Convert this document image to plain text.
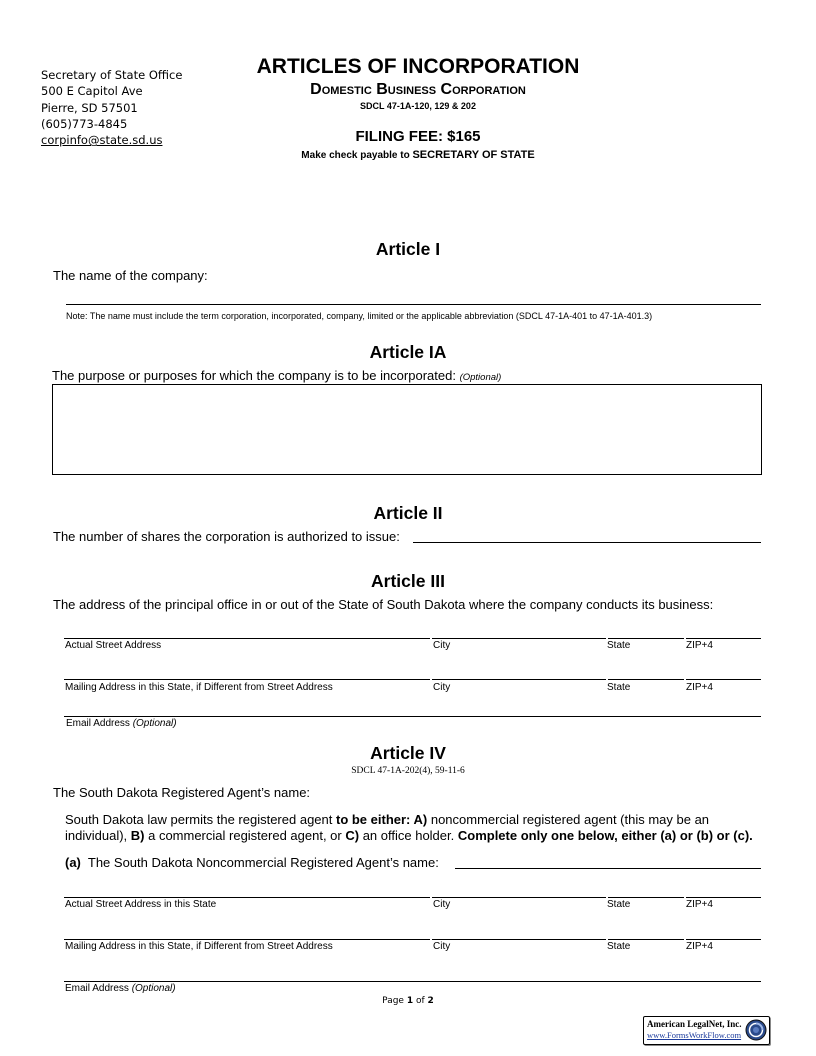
Secretary of State Office
500 E Capitol Ave
Pierre, SD 57501
(605)773-4845
corpinfo@state.sd.us
ARTICLES OF INCORPORATION
Domestic Business Corporation
SDCL 47-1A-120, 129 & 202
FILING FEE: $165
Make check payable to SECRETARY OF STATE
Article I
The name of the company:
Note: The name must include the term corporation, incorporated, company, limited or the applicable abbreviation (SDCL 47-1A-401 to 47-1A-401.3)
Article IA
The purpose or purposes for which the company is to be incorporated: (Optional)
Article II
The number of shares the corporation is authorized to issue:
Article III
The address of the principal office in or out of the State of South Dakota where the company conducts its business:
Actual Street Address	City	State	ZIP+4
Mailing Address in this State, if Different from Street Address	City	State	ZIP+4
Email Address (Optional)
Article IV
SDCL 47-1A-202(4), 59-11-6
The South Dakota Registered Agent’s name:
South Dakota law permits the registered agent to be either: A) noncommercial registered agent (this may be an
individual), B) a commercial registered agent, or C) an office holder. Complete only one below, either (a) or (b) or (c).
(a) The South Dakota Noncommercial Registered Agent’s name:
Actual Street Address in this State	City	State	ZIP+4
Mailing Address in this State, if Different from Street Address	City	State	ZIP+4
Email Address (Optional)
Page 1 of 2
American LegalNet, Inc.
www.FormsWorkFlow.com
